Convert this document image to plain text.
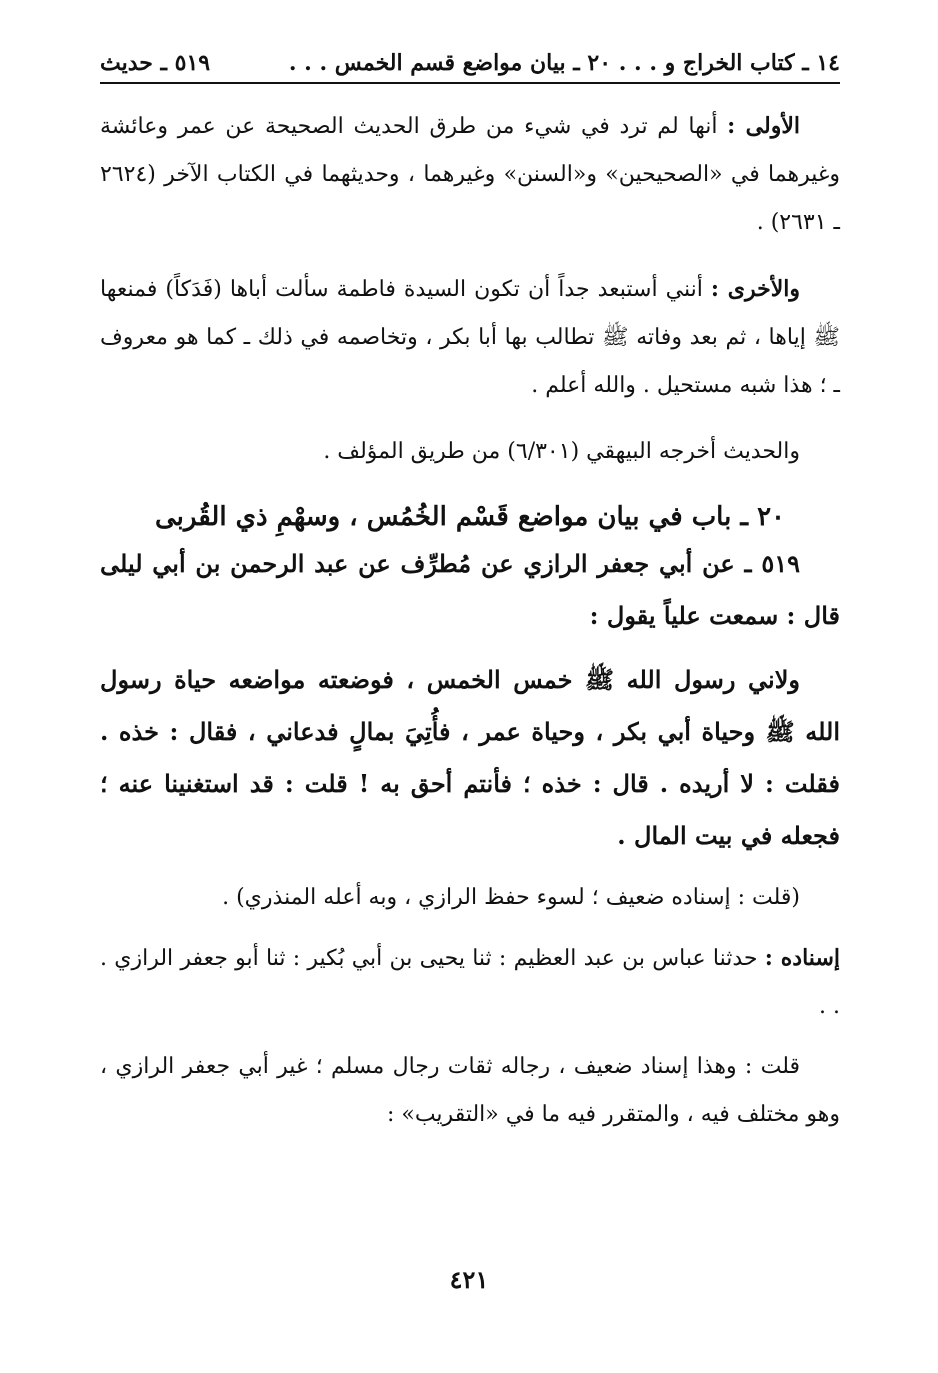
١٤ ـ كتاب الخراج و . . . ٢٠ ـ بيان مواضع قسم الخمس . . .
٥١٩ ـ حديث

الأولى : أنها لم ترد في شيء من طرق الحديث الصحيحة عن عمر وعائشة وغيرهما في «الصحيحين» و«السنن» وغيرهما ، وحديثهما في الكتاب الآخر (٢٦٢٤ ـ ٢٦٣١) .

والأخرى : أنني أستبعد جداً أن تكون السيدة فاطمة سألت أباها (فَدَكاً) فمنعها ﷺ إياها ، ثم بعد وفاته ﷺ تطالب بها أبا بكر ، وتخاصمه في ذلك ـ كما هو معروف ـ ؛ هذا شبه مستحيل . والله أعلم .

والحديث أخرجه البيهقي (٦/٣٠١) من طريق المؤلف .

٢٠ ـ باب في بيان مواضع قَسْم الخُمُس ، وسهْمِ ذي القُربى

٥١٩ ـ عن أبي جعفر الرازي عن مُطرِّف عن عبد الرحمن بن أبي ليلى قال : سمعت علياً يقول :

ولاني رسول الله ﷺ خمس الخمس ، فوضعته مواضعه حياة رسول الله ﷺ وحياة أبي بكر ، وحياة عمر ، فأُتِيَ بمالٍ فدعاني ، فقال : خذه . فقلت : لا أريده . قال : خذه ؛ فأنتم أحق به ! قلت : قد استغنينا عنه ؛ فجعله في بيت المال .

(قلت : إسناده ضعيف ؛ لسوء حفظ الرازي ، وبه أعله المنذري) .

إسناده : حدثنا عباس بن عبد العظيم : ثنا يحيى بن أبي بُكير : ثنا أبو جعفر الرازي . . .

قلت : وهذا إسناد ضعيف ، رجاله ثقات رجال مسلم ؛ غير أبي جعفر الرازي ، وهو مختلف فيه ، والمتقرر فيه ما في «التقريب» :

٤٢١
